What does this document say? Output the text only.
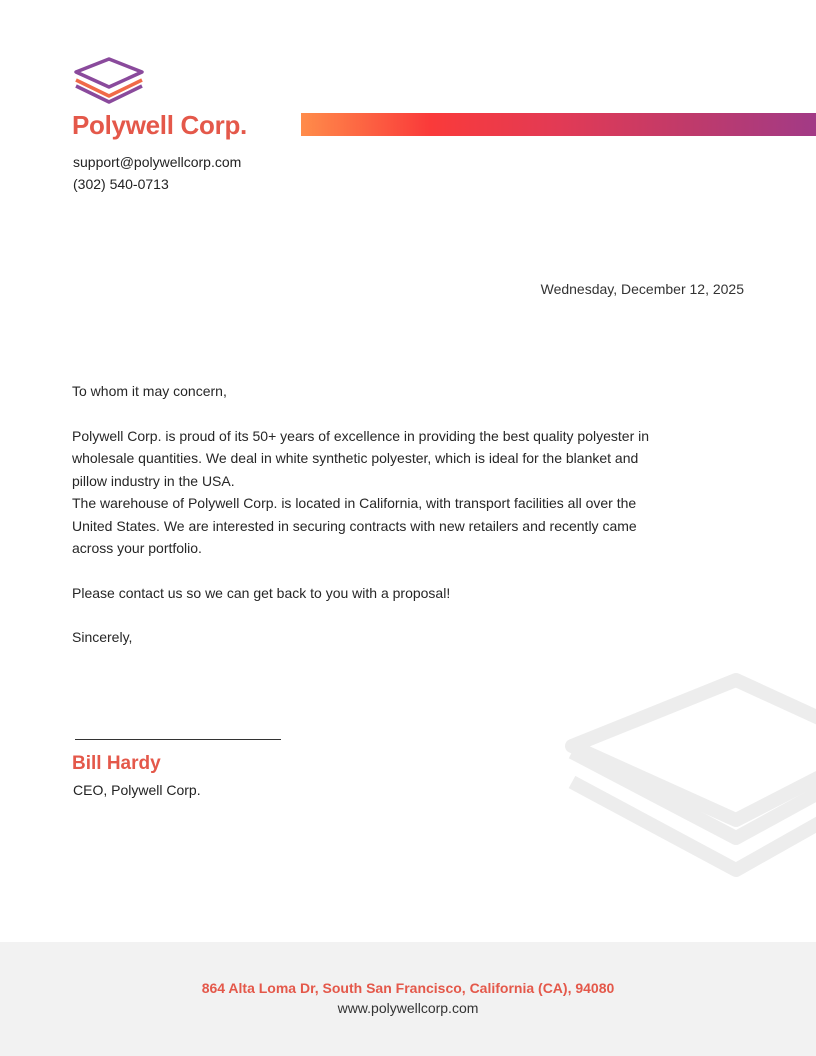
Polywell Corp.
support@polywellcorp.com
(302) 540-0713
Wednesday, December 12, 2025

To whom it may concern,

Polywell Corp. is proud of its 50+ years of excellence in providing the best quality polyester in
wholesale quantities. We deal in white synthetic polyester, which is ideal for the blanket and
pillow industry in the USA.
The warehouse of Polywell Corp. is located in California, with transport facilities all over the
United States. We are interested in securing contracts with new retailers and recently came
across your portfolio.

Please contact us so we can get back to you with a proposal!

Sincerely,

Bill Hardy
CEO, Polywell Corp.
864 Alta Loma Dr, South San Francisco, California (CA), 94080
www.polywellcorp.com
